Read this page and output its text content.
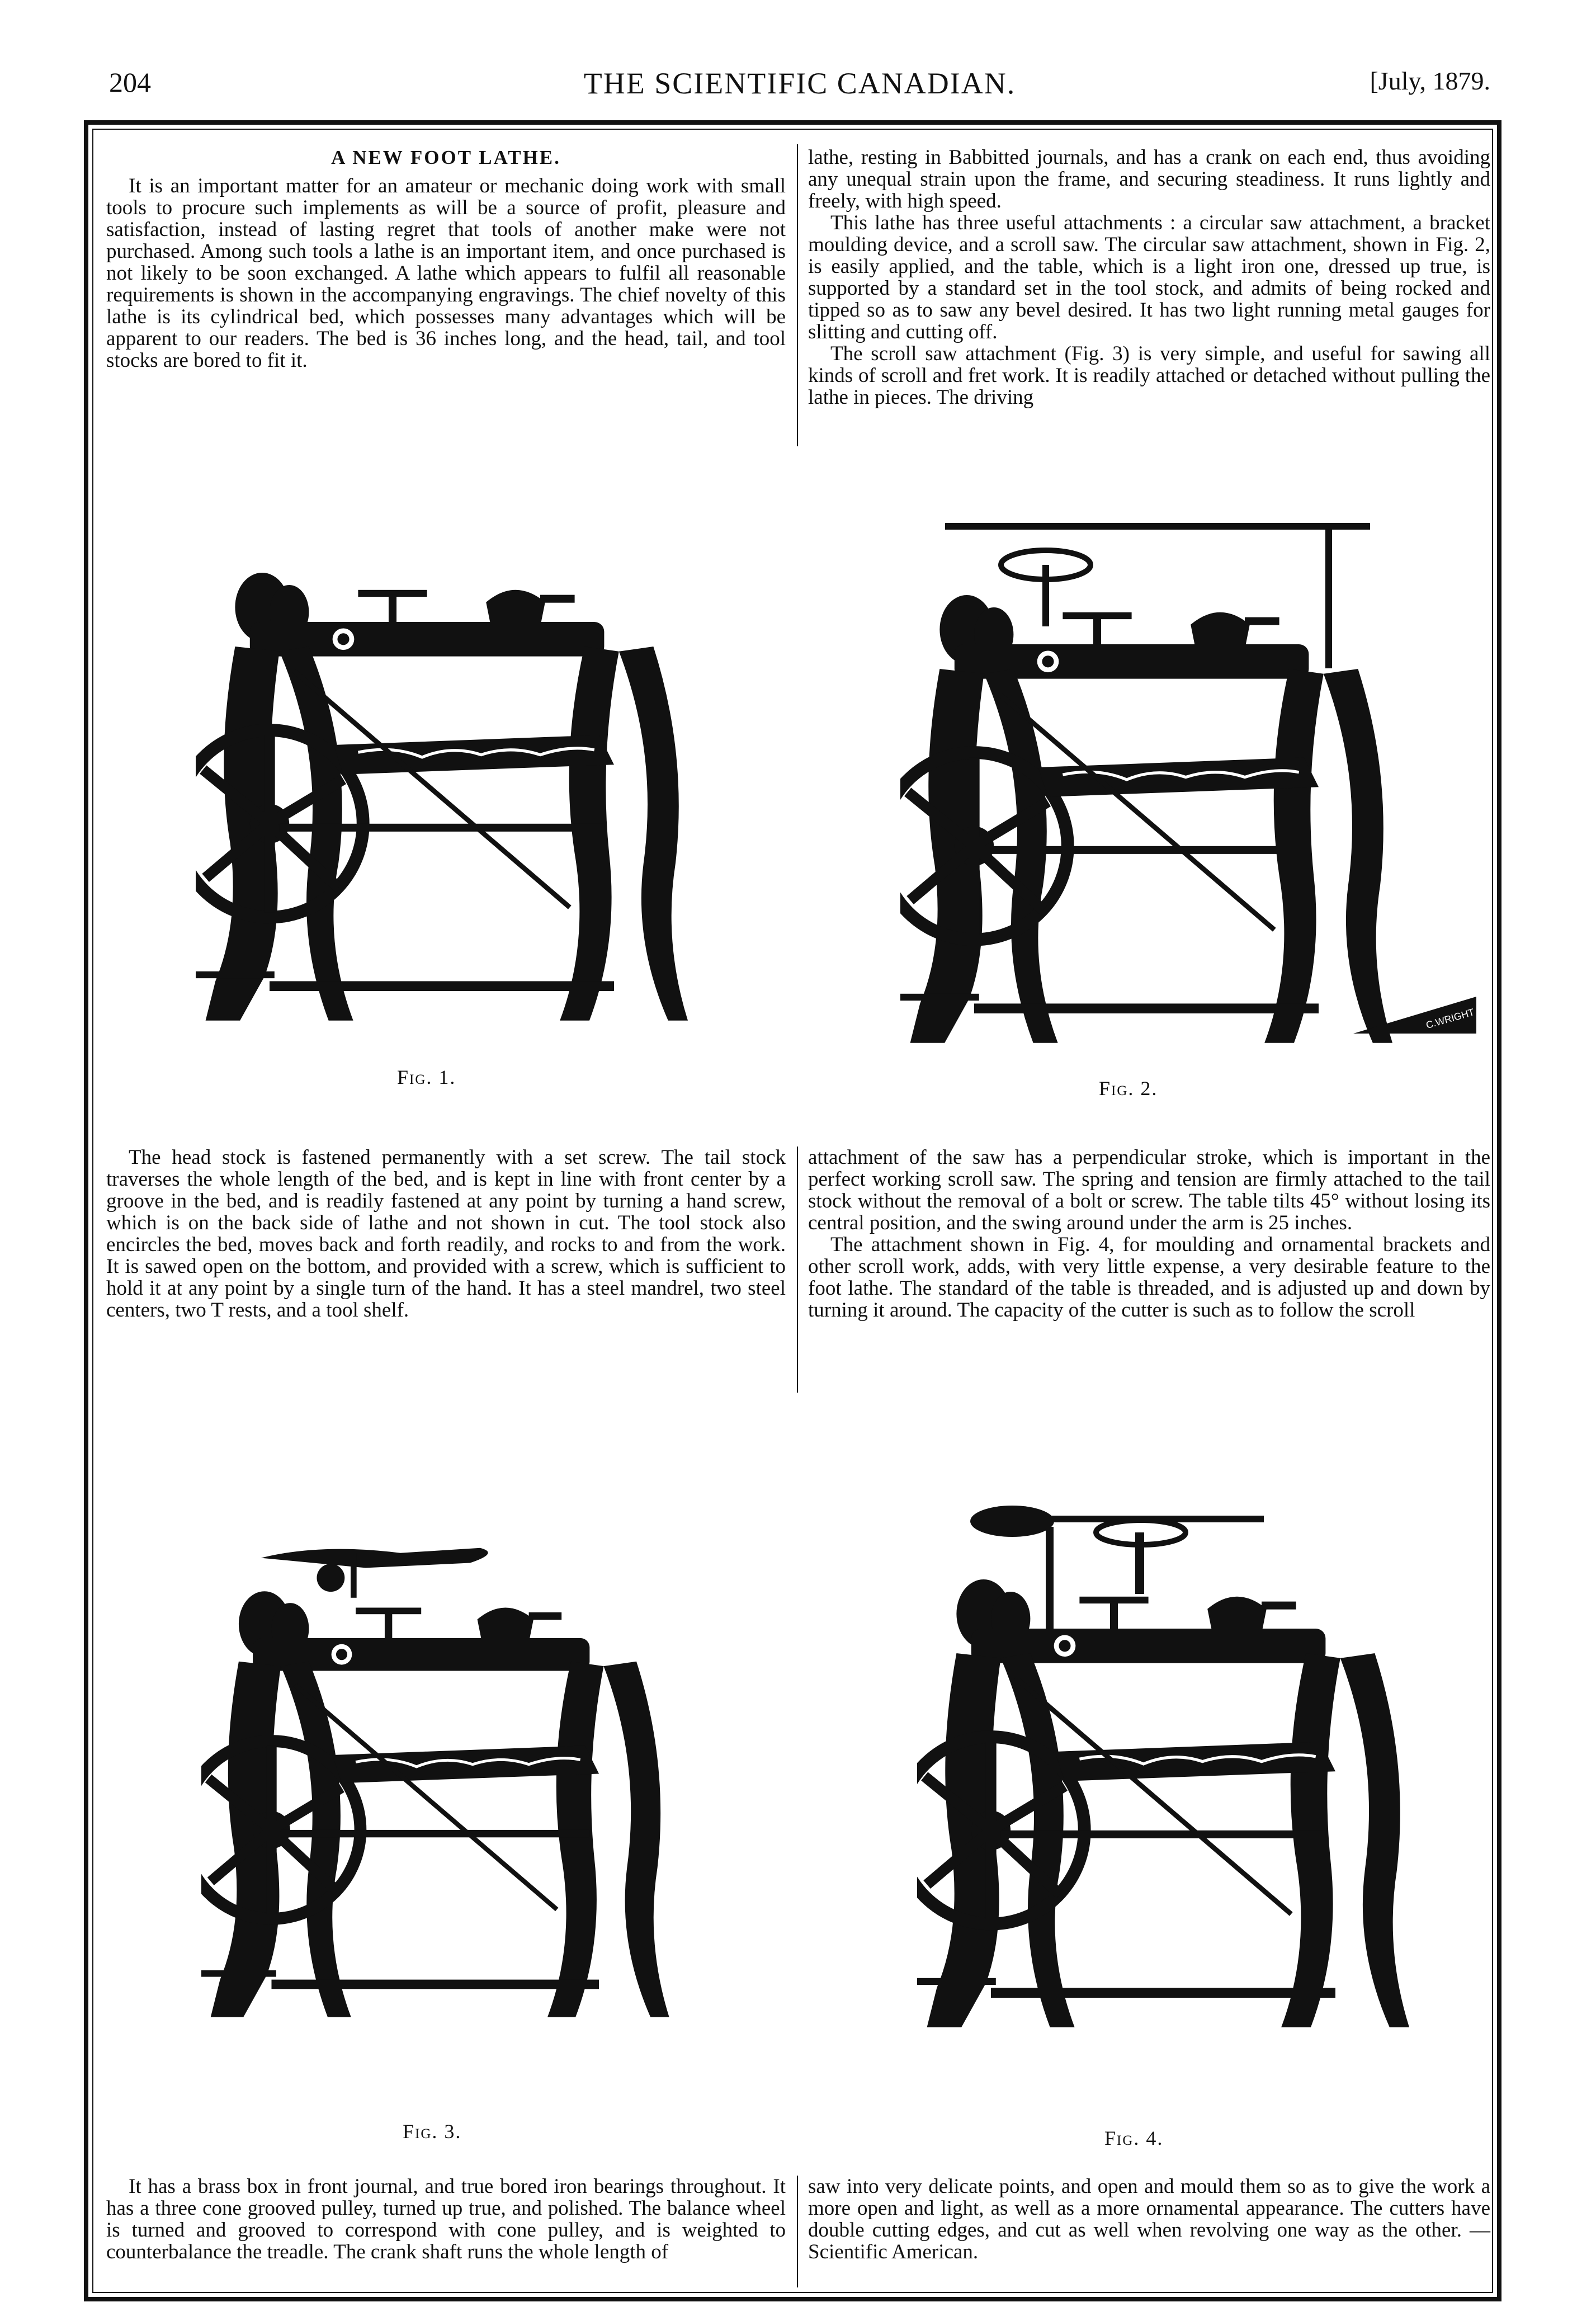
204	THE SCIENTIFIC CANADIAN.	[July, 1879.

A NEW FOOT LATHE.

It is an important matter for an amateur or mechanic doing work with small tools to procure such implements as will be a source of profit, pleasure and satisfaction, instead of lasting regret that tools of another make were not purchased. Among such tools a lathe is an important item, and once purchased is not likely to be soon exchanged. A lathe which appears to fulfil all reasonable requirements is shown in the accompanying engravings. The chief novelty of this lathe is its cylindrical bed, which possesses many advantages which will be apparent to our readers. The bed is 36 inches long, and the head, tail, and tool stocks are bored to fit it.

lathe, resting in Babbitted journals, and has a crank on each end, thus avoiding any unequal strain upon the frame, and securing steadiness. It runs lightly and freely, with high speed.

This lathe has three useful attachments : a circular saw attachment, a bracket moulding device, and a scroll saw. The circular saw attachment, shown in Fig. 2, is easily applied, and the table, which is a light iron one, dressed up true, is supported by a standard set in the tool stock, and admits of being rocked and tipped so as to saw any bevel desired. It has two light running metal gauges for slitting and cutting off.

The scroll saw attachment (Fig. 3) is very simple, and useful for sawing all kinds of scroll and fret work. It is readily attached or detached without pulling the lathe in pieces. The driving

Fig. 1.
C.WRIGHT
Fig. 2.

The head stock is fastened permanently with a set screw. The tail stock traverses the whole length of the bed, and is kept in line with front center by a groove in the bed, and is readily fastened at any point by turning a hand screw, which is on the back side of lathe and not shown in cut. The tool stock also encircles the bed, moves back and forth readily, and rocks to and from the work. It is sawed open on the bottom, and provided with a screw, which is sufficient to hold it at any point by a single turn of the hand. It has a steel mandrel, two steel centers, two T rests, and a tool shelf.

attachment of the saw has a perpendicular stroke, which is important in the perfect working scroll saw. The spring and tension are firmly attached to the tail stock without the removal of a bolt or screw. The table tilts 45° without losing its central position, and the swing around under the arm is 25 inches.

The attachment shown in Fig. 4, for moulding and ornamental brackets and other scroll work, adds, with very little expense, a very desirable feature to the foot lathe. The standard of the table is threaded, and is adjusted up and down by turning it around. The capacity of the cutter is such as to follow the scroll

Fig. 3.	Fig. 4.

It has a brass box in front journal, and true bored iron bearings throughout. It has a three cone grooved pulley, turned up true, and polished. The balance wheel is turned and grooved to correspond with cone pulley, and is weighted to counterbalance the treadle. The crank shaft runs the whole length of

saw into very delicate points, and open and mould them so as to give the work a more open and light, as well as a more ornamental appearance. The cutters have double cutting edges, and cut as well when revolving one way as the other. — Scientific American.
